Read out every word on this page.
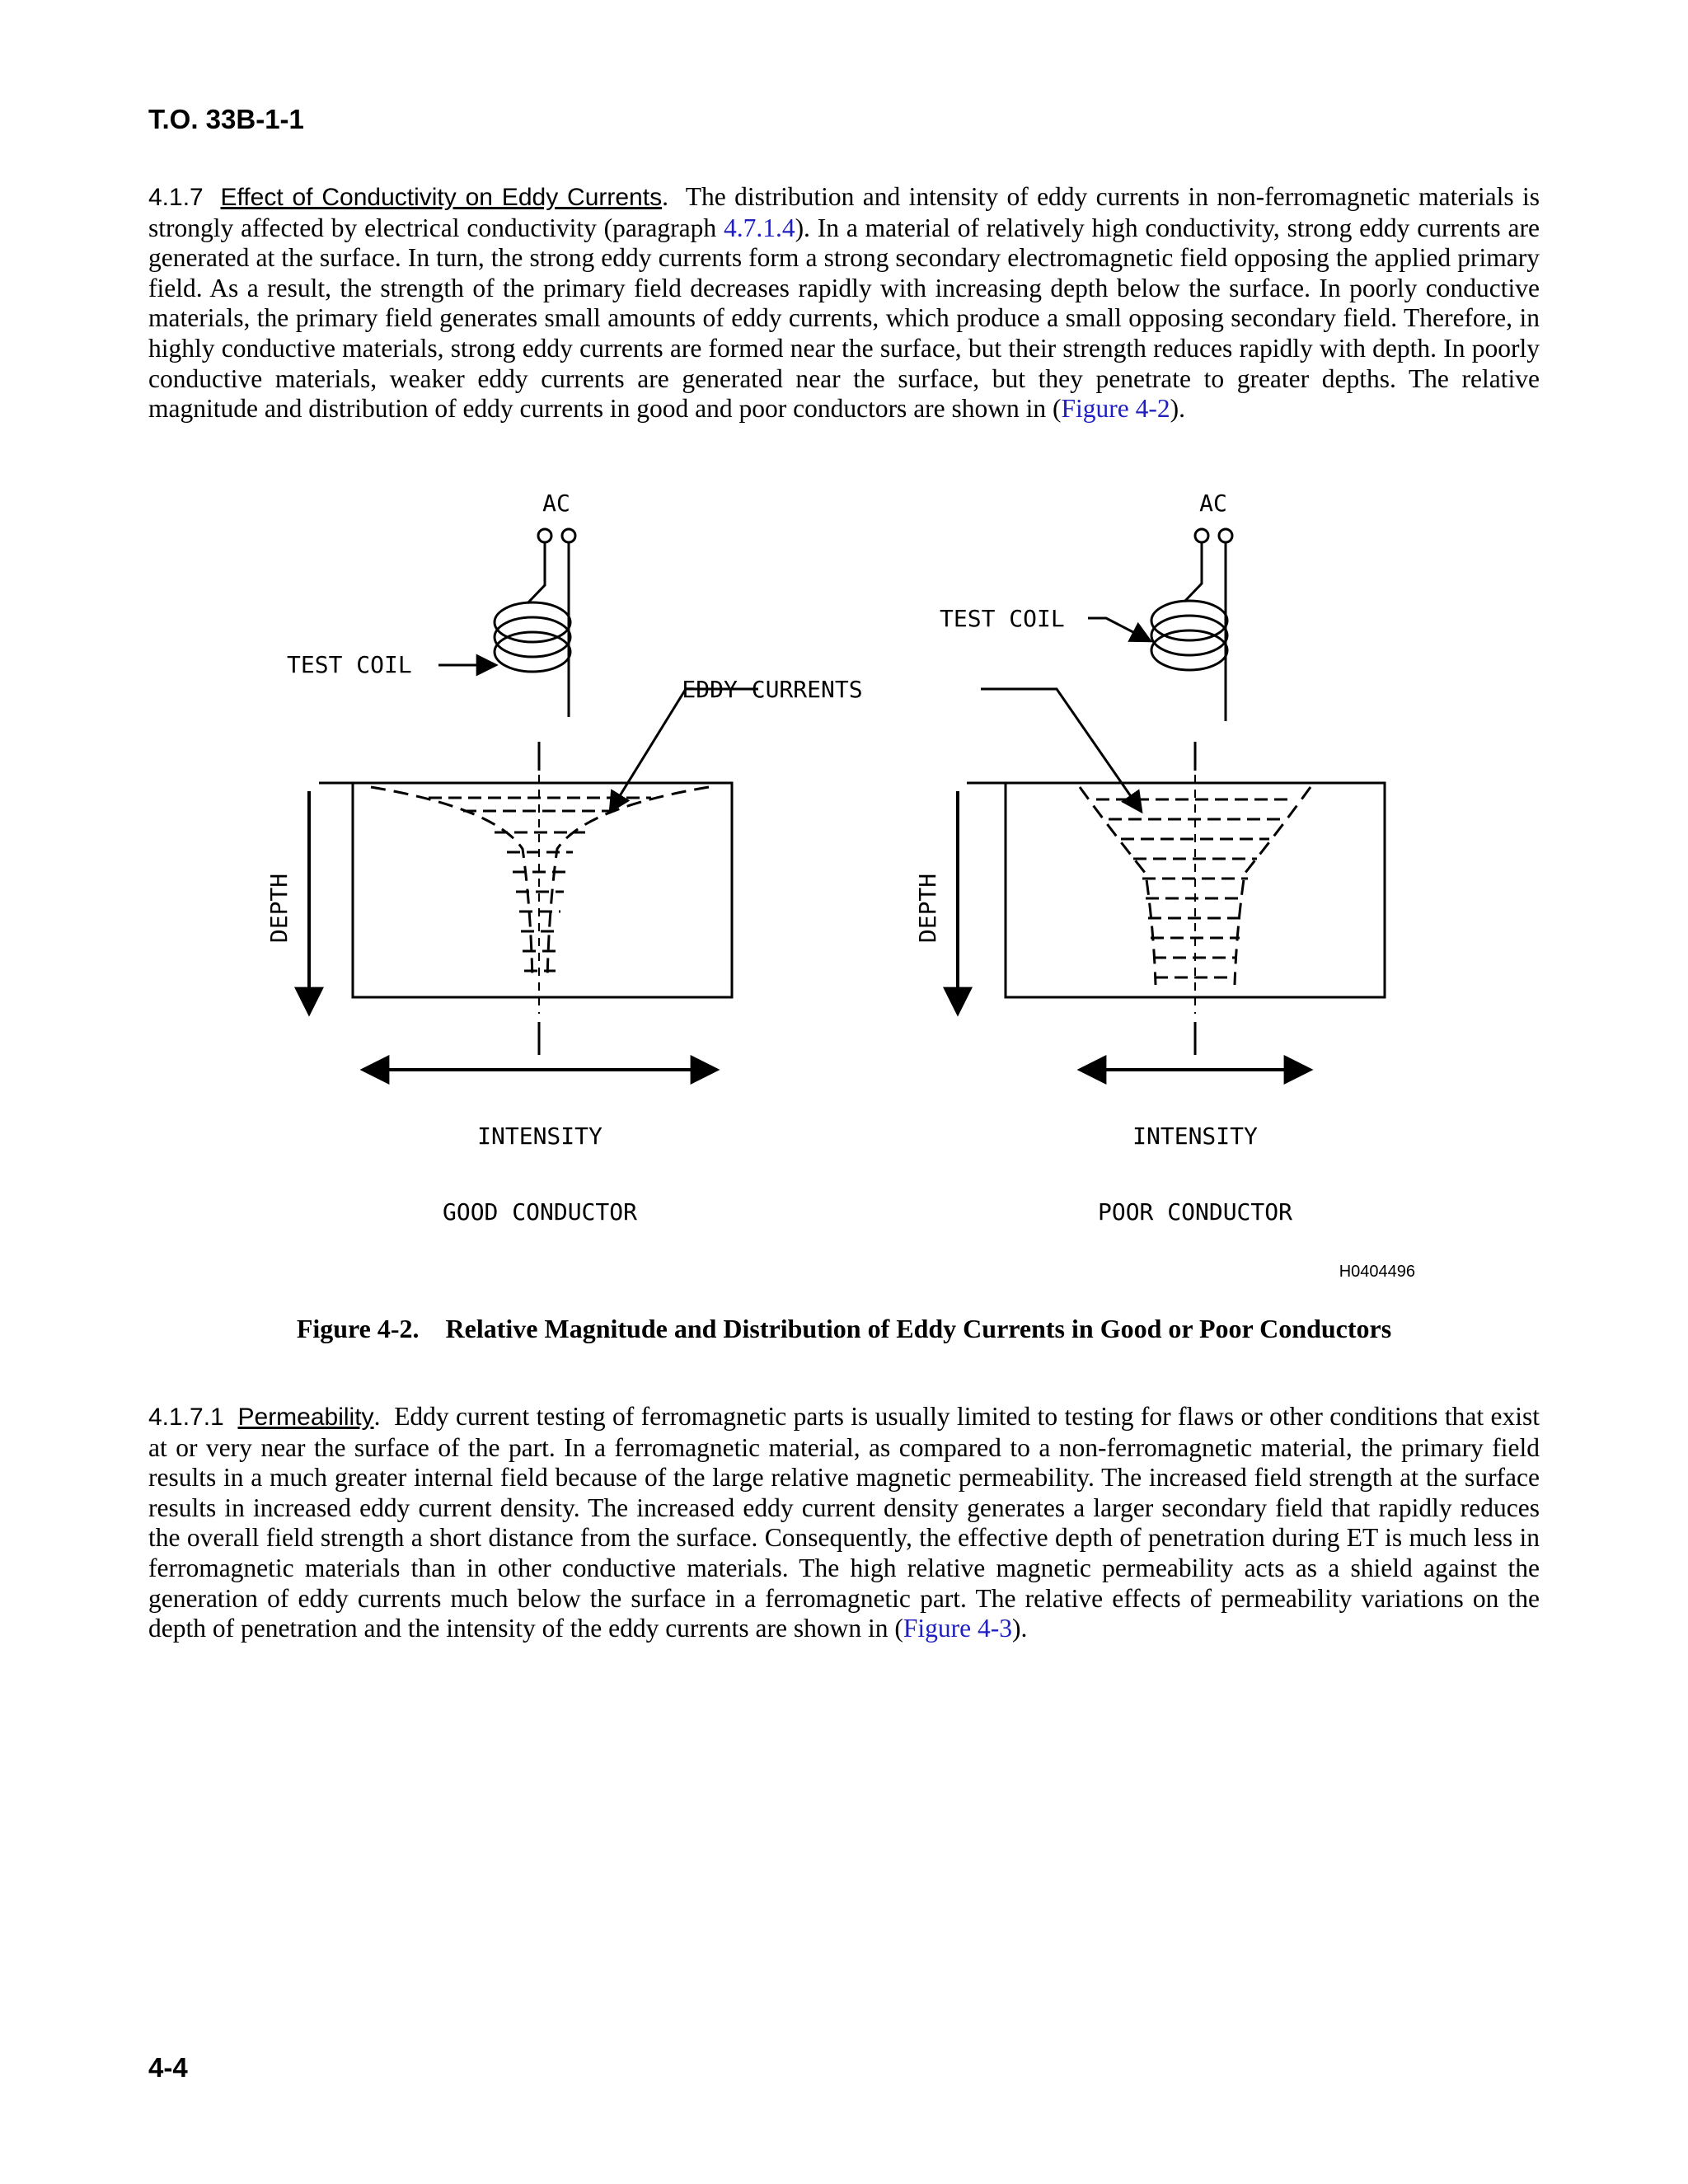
T.O. 33B-1-1

4.1.7 Effect of Conductivity on Eddy Currents.  The distribution and intensity of eddy currents in non-ferromagnetic materials is strongly affected by electrical conductivity (paragraph 4.7.1.4). In a material of relatively high conductivity, strong eddy currents are generated at the surface. In turn, the strong eddy currents form a strong secondary electromagnetic field opposing the applied primary field. As a result, the strength of the primary field decreases rapidly with increasing depth below the surface. In poorly conductive materials, the primary field generates small amounts of eddy currents, which produce a small opposing secondary field. Therefore, in highly conductive materials, strong eddy currents are formed near the surface, but their strength reduces rapidly with depth. In poorly conductive materials, weaker eddy currents are generated near the surface, but they penetrate to greater depths. The relative magnitude and distribution of eddy currents in good and poor conductors are shown in (Figure 4-2).

AC
TEST COIL
DEPTH
INTENSITY
GOOD CONDUCTOR
EDDY CURRENTS
AC
TEST COIL
DEPTH
INTENSITY
POOR CONDUCTOR
H0404496
Figure 4-2. Relative Magnitude and Distribution of Eddy Currents in Good or Poor Conductors

4.1.7.1 Permeability.  Eddy current testing of ferromagnetic parts is usually limited to testing for flaws or other conditions that exist at or very near the surface of the part. In a ferromagnetic material, as compared to a non-ferromagnetic material, the primary field results in a much greater internal field because of the large relative magnetic permeability. The increased field strength at the surface results in increased eddy current density. The increased eddy current density generates a larger secondary field that rapidly reduces the overall field strength a short distance from the surface. Consequently, the effective depth of penetration during ET is much less in ferromagnetic materials than in other conductive materials. The high relative magnetic permeability acts as a shield against the generation of eddy currents much below the surface in a ferromagnetic part. The relative effects of permeability variations on the depth of penetration and the intensity of the eddy currents are shown in (Figure 4-3).

4-4
